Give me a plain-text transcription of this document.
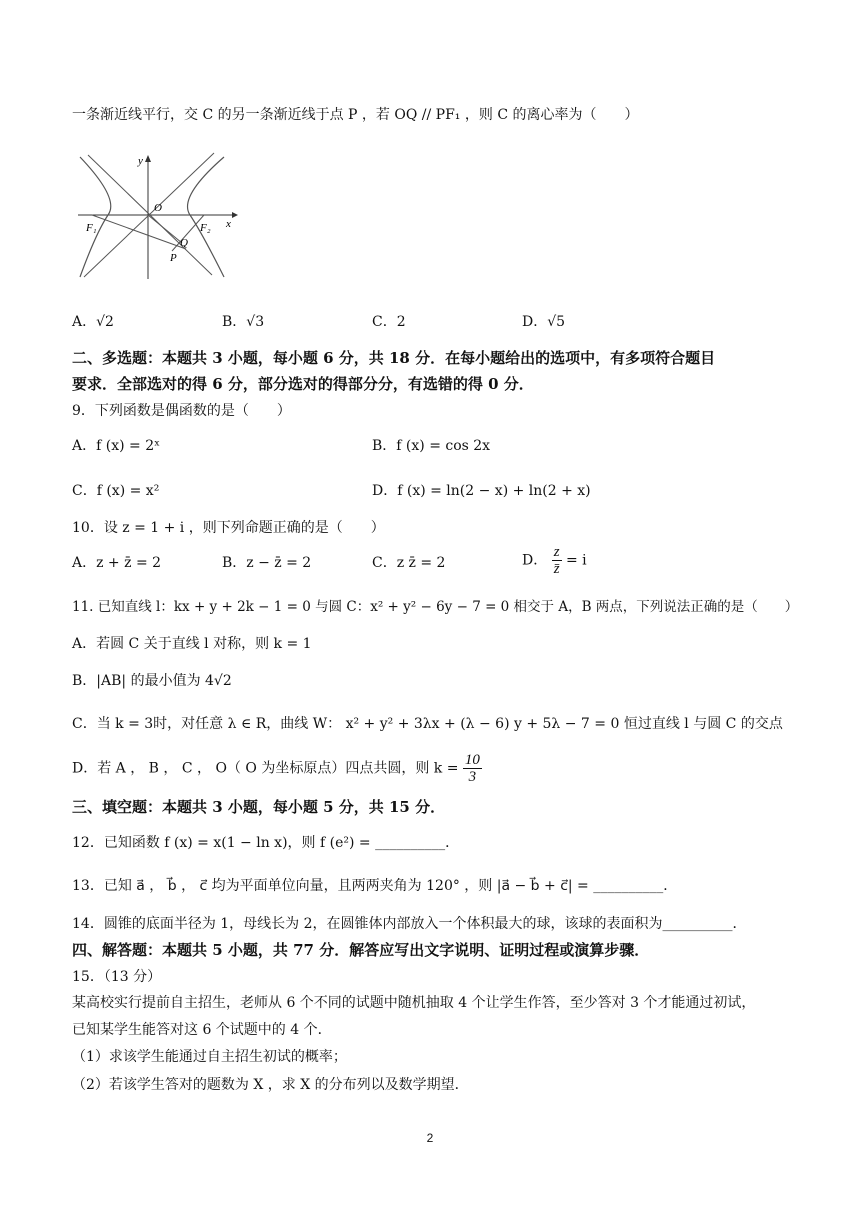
一条渐近线平行，交 C 的另一条渐近线于点 P ，若 OQ // PF₁ ，则 C 的离心率为（　　）
y
O
x
F₁	F₂
Q
P
A．√2	B．√3	C．2	D．√5
二、多选题：本题共 3 小题，每小题 6 分，共 18 分．在每小题给出的选项中，有多项符合题目
要求．全部选对的得 6 分，部分选对的得部分分，有选错的得 0 分．
9．下列函数是偶函数的是（　　）
A．f (x) = 2ˣ	B．f (x) = cos 2x
C．f (x) = x²	D．f (x) = ln(2 − x) + ln(2 + x)
10．设 z = 1 + i ，则下列命题正确的是（　　）
A．z + z̄ = 2	B．z − z̄ = 2	C．z z̄ = 2	D． $\frac{z}{z̄} = i$
11. 已知直线 l：kx + y + 2k − 1 = 0 与圆 C：x² + y² − 6y − 7 = 0 相交于 A，B 两点，下列说法正确的是（　　）
A．若圆 C 关于直线 l 对称，则 k = 1
B．|AB| 的最小值为 4√2
C．当 k = 3时，对任意 λ ∈ R，曲线 W： x² + y² + 3λx + (λ − 6) y + 5λ − 7 = 0 恒过直线 l 与圆 C 的交点
D．若 A ， B ， C ， O（ O 为坐标原点）四点共圆，则 $k = \frac{10}{3}$
三、填空题：本题共 3 小题，每小题 5 分，共 15 分．
12．已知函数 f (x) = x(1 − ln x)，则 f (e²) = __________．
13．已知 a⃗ ， b⃗ ， c⃗ 均为平面单位向量，且两两夹角为 120° ，则 |a⃗ − b⃗ + c⃗| = __________．
14．圆锥的底面半径为 1，母线长为 2，在圆锥体内部放入一个体积最大的球，该球的表面积为__________．
四、解答题：本题共 5 小题，共 77 分．解答应写出文字说明、证明过程或演算步骤．
15．（13 分）
某高校实行提前自主招生，老师从 6 个不同的试题中随机抽取 4 个让学生作答，至少答对 3 个才能通过初试，
已知某学生能答对这 6 个试题中的 4 个．
（1）求该学生能通过自主招生初试的概率；
（2）若该学生答对的题数为 X ，求 X 的分布列以及数学期望．
2
